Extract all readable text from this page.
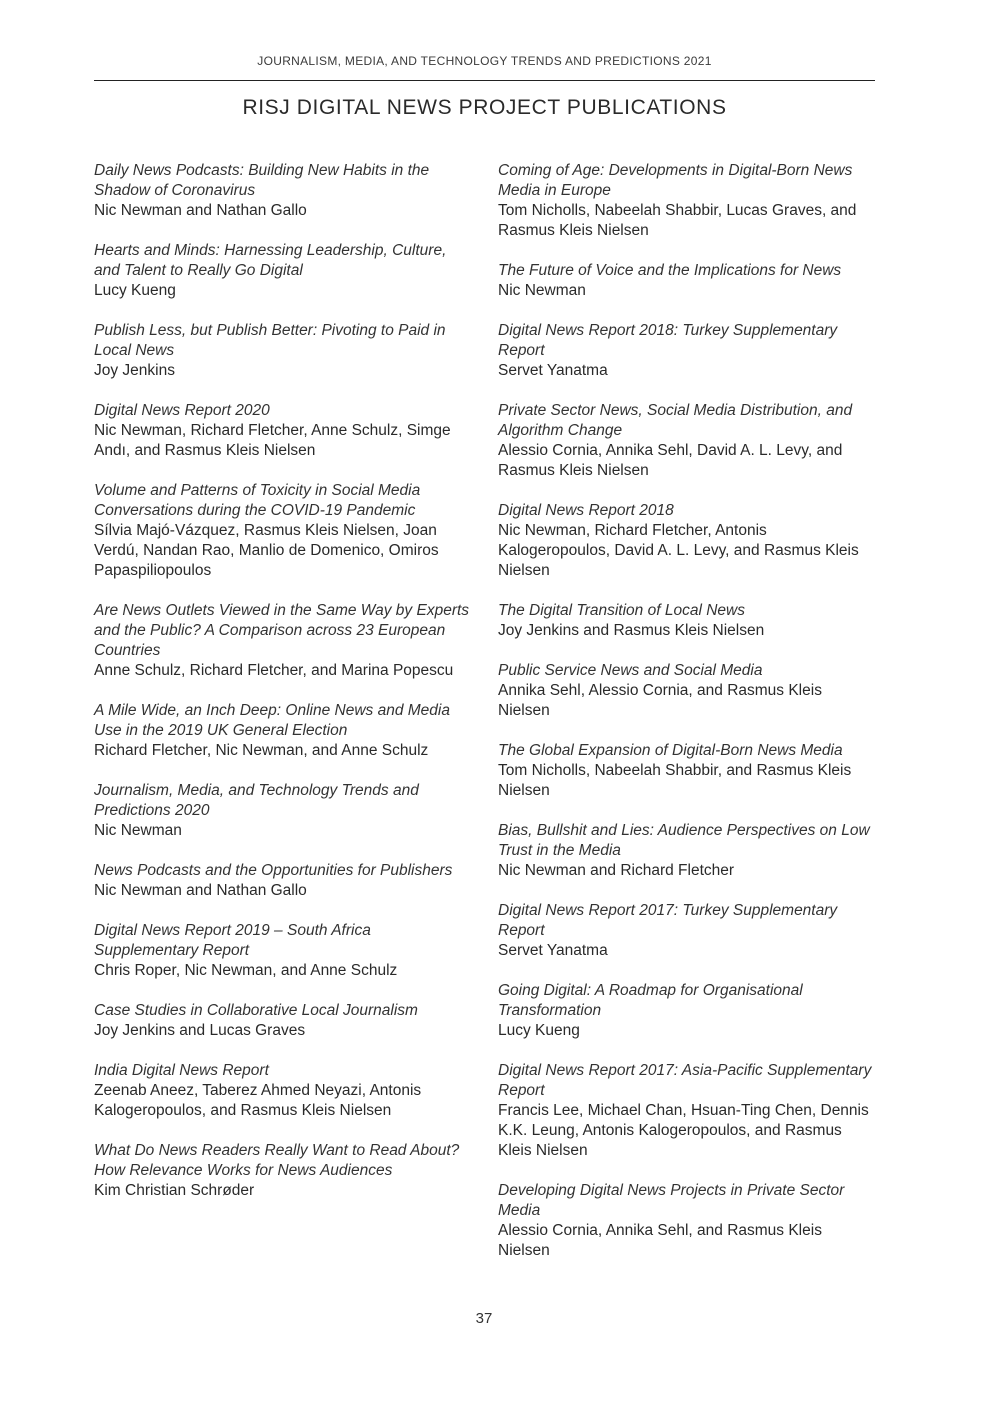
JOURNALISM, MEDIA, AND TECHNOLOGY TRENDS AND PREDICTIONS 2021
RISJ DIGITAL NEWS PROJECT PUBLICATIONS
Daily News Podcasts: Building New Habits in the Shadow of Coronavirus
Nic Newman and Nathan Gallo
Hearts and Minds: Harnessing Leadership, Culture, and Talent to Really Go Digital
Lucy Kueng
Publish Less, but Publish Better: Pivoting to Paid in Local News
Joy Jenkins
Digital News Report 2020
Nic Newman, Richard Fletcher, Anne Schulz, Simge Andı, and Rasmus Kleis Nielsen
Volume and Patterns of Toxicity in Social Media Conversations during the COVID-19 Pandemic
Sílvia Majó-Vázquez, Rasmus Kleis Nielsen, Joan Verdú, Nandan Rao, Manlio de Domenico, Omiros Papaspiliopoulos
Are News Outlets Viewed in the Same Way by Experts and the Public? A Comparison across 23 European Countries
Anne Schulz, Richard Fletcher, and Marina Popescu
A Mile Wide, an Inch Deep: Online News and Media Use in the 2019 UK General Election
Richard Fletcher, Nic Newman, and Anne Schulz
Journalism, Media, and Technology Trends and Predictions 2020
Nic Newman
News Podcasts and the Opportunities for Publishers
Nic Newman and Nathan Gallo
Digital News Report 2019 – South Africa Supplementary Report
Chris Roper, Nic Newman, and Anne Schulz
Case Studies in Collaborative Local Journalism
Joy Jenkins and Lucas Graves
India Digital News Report
Zeenab Aneez, Taberez Ahmed Neyazi, Antonis Kalogeropoulos, and Rasmus Kleis Nielsen
What Do News Readers Really Want to Read About? How Relevance Works for News Audiences
Kim Christian Schrøder
Coming of Age: Developments in Digital-Born News Media in Europe
Tom Nicholls, Nabeelah Shabbir, Lucas Graves, and Rasmus Kleis Nielsen
The Future of Voice and the Implications for News
Nic Newman
Digital News Report 2018: Turkey Supplementary Report
Servet Yanatma
Private Sector News, Social Media Distribution, and Algorithm Change
Alessio Cornia, Annika Sehl, David A. L. Levy, and Rasmus Kleis Nielsen
Digital News Report 2018
Nic Newman, Richard Fletcher, Antonis Kalogeropoulos, David A. L. Levy, and Rasmus Kleis Nielsen
The Digital Transition of Local News
Joy Jenkins and Rasmus Kleis Nielsen
Public Service News and Social Media
Annika Sehl, Alessio Cornia, and Rasmus Kleis Nielsen
The Global Expansion of Digital-Born News Media
Tom Nicholls, Nabeelah Shabbir, and Rasmus Kleis Nielsen
Bias, Bullshit and Lies: Audience Perspectives on Low Trust in the Media
Nic Newman and Richard Fletcher
Digital News Report 2017: Turkey Supplementary Report
Servet Yanatma
Going Digital: A Roadmap for Organisational Transformation
Lucy Kueng
Digital News Report 2017: Asia-Pacific Supplementary Report
Francis Lee, Michael Chan, Hsuan-Ting Chen, Dennis K.K. Leung, Antonis Kalogeropoulos, and Rasmus Kleis Nielsen
Developing Digital News Projects in Private Sector Media
Alessio Cornia, Annika Sehl, and Rasmus Kleis Nielsen
37
